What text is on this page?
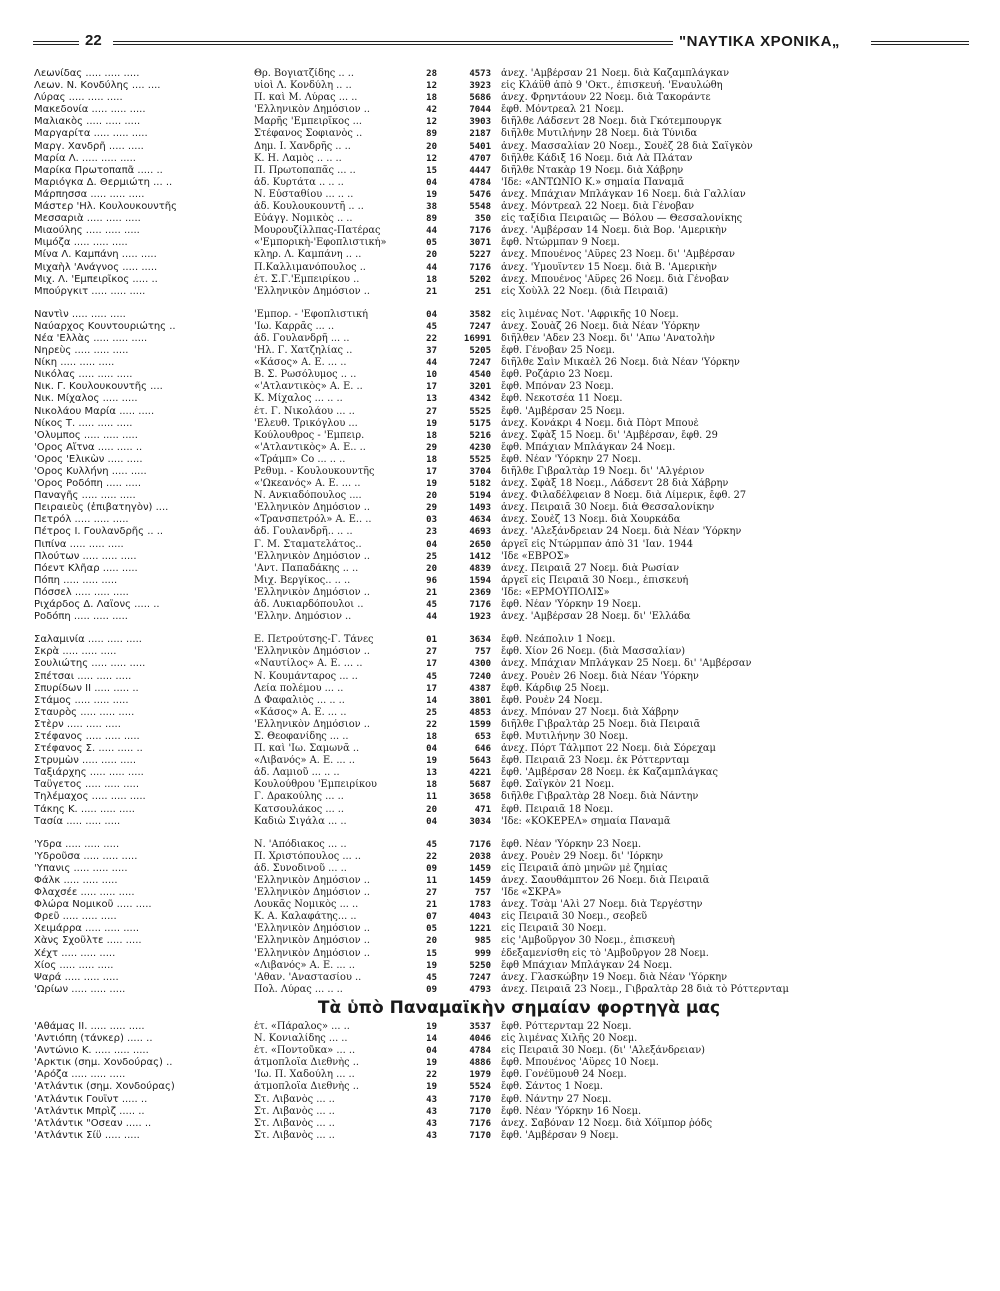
22	"ΝΑΥΤΙΚΑ ΧΡΟΝΙΚΑ„
Λεωνίδας ..... ..... .....	Θρ. Βογιατζίδης .. ..	28	4573 ἀνεχ. 'Αμβέρσαν 21 Νοεμ. διὰ Καζαμπλάγκαν
Λεων. Ν. Κονδύλης .... ....	υἱοὶ Λ. Κονδύλη .. ..	12	3923 εἰς Κλάϋθ ἀπὸ 9 'Οκτ., ἐπισκευή. 'Εναυλώθη
Λύρας ..... ..... .....	Π. καὶ Μ. Λύρας ... ..	18	5686 ἀνεχ. Φρηντάουν 22 Νοεμ. διὰ Τακοράντε
Μακεδονία ..... ..... .....	'Ελληνικὸν Δημόσιον ..	42	7044 ἔφθ. Μόντρεαλ 21 Νοεμ.
Μαλιακὸς ..... ..... .....	Μαρῆς 'Εμπειρῖκος ...	12	3903 διῆλθε Λάδσεντ 28 Νοεμ. διὰ Γκότεμπουργκ
Μαργαρίτα ..... ..... .....	Στέφανος Σοφιανὸς ..	89	2187 διῆλθε Μυτιλήνην 28 Νοεμ. διὰ Τύνιδα
Μαργ. Χανδρῆ ..... .....	Δημ. Ι. Χανδρῆς .. ..	20	5401 ἀνεχ. Μασσαλίαν 20 Νοεμ., Σουὲζ 28 διὰ Σαϊγκὸν
Μαρία Λ. ..... ..... .....	Κ. Η. Λαμὸς .. .. ..	12	4707 διῆλθε Κάδιξ 16 Νοεμ. διὰ Λὰ Πλάταν
Μαρίκα Πρωτοπαπᾶ ..... ..	Π. Πρωτοπαπᾶς ... ..	15	4447 διῆλθε Ντακὰρ 19 Νοεμ. διὰ Χάβρην
Μαριόγκα Δ. Θερμιώτη ... ..	ἀδ. Κυρτάτα .. .. ..	04	4784 'Ιδε: «ΑΝΤΩΝΙΟ Κ.» σημαία Παναμᾶ
Μάρπησσα ..... ..... .....	Ν. Εὐσταθίου ... .. ..	19	5476 ἀνεχ. Μπάχιαν Μπλάγκαν 16 Νοεμ. διὰ Γαλλίαν
Μάστερ 'Ηλ. Κουλουκουντῆς	ἀδ. Κουλουκουντῆ .. ..	38	5548 ἀνεχ. Μόντρεαλ 22 Νοεμ. διὰ Γένοβαν
Μεσσαριὰ ..... ..... .....	Εὐάγγ. Νομικὸς .. ..	89	350 εἰς ταξίδια Πειραιῶς — Βόλου — Θεσσαλονίκης
Μιαούλης ..... ..... .....	Μουρουζίλλπας-Πατέρας	44	7176 ἀνεχ. 'Αμβέρσαν 14 Νοεμ. διὰ Βορ. 'Αμερικὴν
Μιμόζα ..... ..... .....	«'Εμπορικὴ-'Εφοπλιστική»	05	3071 ἔφθ. Ντώρμπαν 9 Νοεμ.
Μίνα Λ. Καμπάνη ..... .....	κληρ. Λ. Καμπάνη .. ..	20	5227 ἀνεχ. Μπουένος 'Αϋρες 23 Νοεμ. δι' 'Αμβέρσαν
Μιχαὴλ 'Ανάγνος ..... .....	Π.Καλλιμανόπουλος ..	44	7176 ἀνεχ. 'Υμουΐντεν 15 Νοεμ. διὰ Β. 'Αμερικὴν
Μιχ. Λ. 'Εμπειρῖκος ..... ..	ἐτ. Σ.Γ.'Εμπειρίκου ..	18	5202 ἀνεχ. Μπουένος 'Αϋρες 26 Νοεμ. διὰ Γένοβαν
Μπούργκιτ ..... ..... .....	'Ελληνικὸν Δημόσιον ..	21	251 εἰς Χοὺλλ 22 Νοεμ. (διὰ Πειραιᾶ)
Ναντὶν ..... ..... .....	'Εμπορ. - 'Εφοπλιστική	04	3582 εἰς λιμένας Νοτ. 'Αφρικῆς 10 Νοεμ.
Ναύαρχος Κουντουριώτης ..	'Ιω. Καρρᾶς ... ..	45	7247 ἀνεχ. Σουὰζ 26 Νοεμ. διὰ Νέαν 'Υόρκην
Νέα 'Ελλὰς ..... ..... .....	ἀδ. Γουλανδρῆ ... ..	22	16991 διῆλθεν 'Αδεν 23 Νοεμ. δι' 'Απω 'Ανατολὴν
Νηρεὺς ..... ..... .....	'Ηλ. Γ. Χατζηλίας ..	37	5205 ἔφθ. Γένοβαν 25 Νοεμ.
Νίκη ..... ..... .....	«Κάσος» Α. Ε. ... ..	44	7247 διῆλθε Σαὶν Μικαὲλ 26 Νοεμ. διὰ Νέαν 'Υόρκην
Νικόλας ..... ..... .....	Β. Σ. Ρωσόλυμος .. ..	10	4540 ἔφθ. Ροζάριο 23 Νοεμ.
Νικ. Γ. Κουλουκουντῆς ....	«'Ατλαντικὸς» Α. Ε. ..	17	3201 ἔφθ. Μπόναν 23 Νοεμ.
Νικ. Μίχαλος ..... .....	Κ. Μίχαλος ... .. ..	13	4342 ἔφθ. Νεκοτσέα 11 Νοεμ.
Νικολάου Μαρία ..... .....	ἐτ. Γ. Νικολάου ... ..	27	5525 ἔφθ. 'Αμβέρσαν 25 Νοεμ.
Νίκος Τ. ..... ..... .....	'Ελευθ. Τρικόγλου ...	19	5175 ἀνεχ. Κονάκρι 4 Νοεμ. διὰ Πὸρτ Μπουὲ
'Ολυμπος ..... ..... .....	Κούλουθρος - 'Εμπειρ.	18	5216 ἀνεχ. Σφὰξ 15 Νοεμ. δι' 'Αμβέρσαν, ἔφθ. 29
'Ορος Αἴτνα ..... ..... ..	«'Ατλαντικὸς» Α. Ε.. ..	29	4230 ἔφθ. Μπάχιαν Μπλάγκαν 24 Νοεμ.
'Ορος 'Ελικὼν ..... .....	«Τράμπ» Co ... .. ..	18	5525 ἔφθ. Νέαν 'Υόρκην 27 Νοεμ.
'Ορος Κυλλήνη ..... .....	Ρεθυμ. - Κουλουκουντῆς	17	3704 διῆλθε Γιβραλτὰρ 19 Νοεμ. δι' 'Αλγέριον
'Ορος Ροδόπη ..... .....	«'Ωκεανός» Α. Ε. ... ..	19	5182 ἀνεχ. Σφὰξ 18 Νοεμ., Λάδσεντ 28 διὰ Χάβρην
Παναγῆς ..... ..... .....	Ν. Ανκιαδόπουλος ....	20	5194 ἀνεχ. Φιλαδέλφειαν 8 Νοεμ. διὰ Λίμερικ, ἔφθ. 27
Πειραιεὺς (ἐπιβατηγὸν) ....	'Ελληνικὸν Δημόσιον ..	29	1493 ἀνεχ. Πειραιᾶ 30 Νοεμ. διὰ Θεσσαλονίκην
Πετρόλ ..... ..... .....	«Τρανσπετρόλ» Α. Ε.. ..	03	4634 ἀνεχ. Σουὲζ 13 Νοεμ. διὰ Χουρκάδα
Πέτρος Ι. Γουλανδρῆς .. ..	ἀδ. Γουλανδρῆ.. .. ..	23	4693 ἀνεχ. 'Αλεξάνδρειαν 24 Νοεμ. διὰ Νέαν 'Υόρκην
Πιπίνα ..... ..... .....	Γ. Μ. Σταματελάτος..	04	2650 ἀργεῖ εἰς Ντώρμπαν ἀπὸ 31 'Ιαν. 1944
Πλούτων ..... ..... .....	'Ελληνικὸν Δημόσιον ..	25	1412 'Ιδε «ΕΒΡΟΣ»
Πόεντ Κλῆαρ ..... .....	'Αντ. Παπαδάκης .. ..	20	4839 ἀνεχ. Πειραιᾶ 27 Νοεμ. διὰ Ρωσίαν
Πόπη ..... ..... .....	Μιχ. Βεργίκος.. .. ..	96	1594 ἀργεῖ εἰς Πειραιᾶ 30 Νοεμ., ἐπισκευή
Πόσσελ ..... ..... .....	'Ελληνικὸν Δημόσιον ..	21	2369 'Ιδε: «ΕΡΜΟΥΠΟΛΙΣ»
Ριχάρδος Δ. Λαΐονς ..... ..	ἀδ. Λυκιαρδόπουλοι ..	45	7176 ἔφθ. Νέαν 'Υόρκην 19 Νοεμ.
Ροδόπη ..... ..... .....	'Ελλην. Δημόσιον ..	44	1923 ἀνεχ. 'Αμβέρσαν 28 Νοεμ. δι' 'Ελλάδα
Σαλαμινία ..... ..... .....	Ε. Πετρούτσης-Γ. Τάνες	01	3634 ἔφθ. Νεάπολιν 1 Νοεμ.
Σκρὰ ..... ..... .....	'Ελληνικὸν Δημόσιον ..	27	757 ἔφθ. Χίον 26 Νοεμ. (διὰ Μασσαλίαν)
Σουλιώτης ..... ..... .....	«Ναυτίλος» Α. Ε. ... ..	17	4300 ἀνεχ. Μπάχιαν Μπλάγκαν 25 Νοεμ. δι' 'Αμβέρσαν
Σπέτσαι ..... ..... .....	Ν. Κουμάνταρος ... ..	45	7240 ἀνεχ. Ρουὲν 26 Νοεμ. διὰ Νέαν 'Υόρκην
Σπυρίδων ΙΙ ..... ..... ..	Λεία πολέμου ... ..	17	4387 ἔφθ. Κάρδιφ 25 Νοεμ.
Στάμος ..... ..... .....	Δ Φαφαλιὸς ... .. ..	14	3801 ἔφθ. Ρουὲν 24 Νοεμ.
Σταυρὸς ..... ..... .....	«Κάσος» Α. Ε. ... ..	25	4853 ἀνεχ. Μπόναν 27 Νοεμ. διὰ Χάβρην
Στὲρν ..... ..... .....	'Ελληνικὸν Δημόσιον ..	22	1599 διῆλθε Γιβραλτὰρ 25 Νοεμ. διὰ Πειραιᾶ
Στέφανος ..... ..... .....	Σ. Θεοφανίδης ... ..	18	653 ἔφθ. Μυτιλήνην 30 Νοεμ.
Στέφανος Σ. ..... ..... ..	Π. καὶ 'Ιω. Σαμωνᾶ ..	04	646 ἀνεχ. Πόρτ Τάλμποτ 22 Νοεμ. διὰ Σόρεχαμ
Στρυμὼν ..... ..... .....	«Λιβανός» Α. Ε. ... ..	19	5643 ἔφθ. Πειραιᾶ 23 Νοεμ. ἐκ Ρόττερνταμ
Ταξιάρχης ..... ..... .....	ἀδ. Λαμιοῦ ... .. ..	13	4221 ἔφθ. 'Αμβέρσαν 28 Νοεμ. ἐκ Καζαμπλάγκας
Ταΰγετος ..... ..... .....	Κουλούθρου 'Εμπειρίκου	18	5687 ἔφθ. Σαϊγκὸν 21 Νοεμ.
Τηλέμαχος ..... ..... .....	Γ. Δρακούλης ... ..	11	3658 διῆλθε Γιβραλτὰρ 28 Νοεμ. διὰ Νάντην
Τάκης Κ. ..... ..... .....	Κατσουλάκος ... ..	20	471 ἔφθ. Πειραιᾶ 18 Νοεμ.
Τασία ..... ..... .....	Καδιὼ Σιγάλα ... ..	04	3034 'Ιδε: «ΚΟΚΕΡΕΛ» σημαία Παναμᾶ
'Υδρα ..... ..... .....	Ν. 'Απόδιακος ... ..	45	7176 ἔφθ. Νέαν 'Υόρκην 23 Νοεμ.
'Υδροῦσα ..... ..... .....	Π. Χριστόπουλος ... ..	22	2038 ἀνεχ. Ρουὲν 29 Νοεμ. δι' 'Ιόρκην
'Υπανις ..... ..... .....	ἀδ. Συνοδινοῦ ... ..	09	1459 εἰς Πειραιᾶ ἀπὸ μηνῶν μὲ ζημίας
Φάλκ ..... ..... .....	'Ελληνικὸν Δημόσιον ..	11	1459 ἀνεχ. Σαουθάμπτον 26 Νοεμ. διὰ Πειραιᾶ
Φλαχσέε ..... ..... .....	'Ελληνικὸν Δημόσιον ..	27	757 'Ιδε «ΣΚΡΑ»
Φλώρα Νομικοῦ ..... .....	Λουκᾶς Νομικὸς ... ..	21	1783 ἀνεχ. Τσὰμ 'Αλὶ 27 Νοεμ. διὰ Τεργέστην
Φρεῦ ..... ..... .....	Κ. Α. Καλαφάτης... ..	07	4043 εἰς Πειραιᾶ 30 Νοεμ., σεοβεῦ
Χειμάρρα ..... ..... .....	'Ελληνικὸν Δημόσιον ..	05	1221 εἰς Πειραιᾶ 30 Νοεμ.
Χὰνς Σχοῦλτε ..... .....	'Ελληνικὸν Δημόσιον ..	20	985 εἰς 'Αμβοῦργον 30 Νοεμ., ἐπισκευὴ
Χέχτ ..... ..... .....	'Ελληνικὸν Δημόσιον ..	15	999 ἐδεξαμενίσθη εἰς τὸ 'Αμβοῦργον 28 Νοεμ.
Χίος ..... ..... .....	«Λιβανός» Α. Ε. ... ..	19	5250 ἔφθ Μπάχιαν Μπλάγκαν 24 Νοεμ.
Ψαρά ..... ..... .....	'Αθαν. 'Αναστασίου ..	45	7247 ἀνεχ. Γλασκώβην 19 Νοεμ. διὰ Νέαν 'Υόρκην
'Ωρίων ..... ..... .....	Πολ. Λύρας ... .. ..	09	4793 ἀνεχ. Πειραιᾶ 23 Νοεμ., Γιβραλτὰρ 28 διὰ τὸ Ρόττερνταμ
Τὰ ὑπὸ Παναμαϊκὴν σημαίαν φορτηγὰ μας
'Αθάμας ΙΙ. ..... ..... .....	ἐτ. «Πάραλος» ... ..	19	3537 ἔφθ. Ρόττερνταμ 22 Νοεμ.
'Αντιόπη (τάνκερ) ..... ..	Ν. Κονιαλίδης ... ..	14	4046 εἰς λιμένας Χιλῆς 20 Νοεμ.
'Αντώνιο Κ. ..... ..... .....	ἐτ. «Ποντοῦκα» ... ..	04	4784 εἰς Πειραιᾶ 30 Νοεμ. (δι' 'Αλεξάνδρειαν)
'Αρκτικ (σημ. Χονδούρας) ..	ἀτμοπλοΐα Διεθνὴς ..	19	4886 ἔφθ. Μπουένος 'Αϋρες 10 Νοεμ.
'Αρόζα ..... ..... .....	'Ιω. Π. Χαδούλη ... ..	22	1979 ἔφθ. Γονέϋμουθ 24 Νοεμ.
'Ατλάντικ (σημ. Χονδούρας)	ἀτμοπλοΐα Διεθνὴς ..	19	5524 ἔφθ. Σάντος 1 Νοεμ.
'Ατλάντικ Γουΐντ ..... ..	Στ. Λιβανὸς ... ..	43	7170 ἔφθ. Νάντην 27 Νοεμ.
'Ατλάντικ Μπρὶζ ..... ..	Στ. Λιβανὸς ... ..	43	7170 ἔφθ. Νέαν 'Υόρκην 16 Νοεμ.
'Ατλάντικ "Οσεαν ..... ..	Στ. Λιβανὸς ... ..	43	7176 ἀνεχ. Σαβόναν 12 Νοεμ. διὰ Χόϊμπορ ῥόδς
'Ατλάντικ Σίϋ ..... .....	Στ. Λιβανὸς ... ..	43	7170 ἔφθ. 'Αμβέρσαν 9 Νοεμ.
